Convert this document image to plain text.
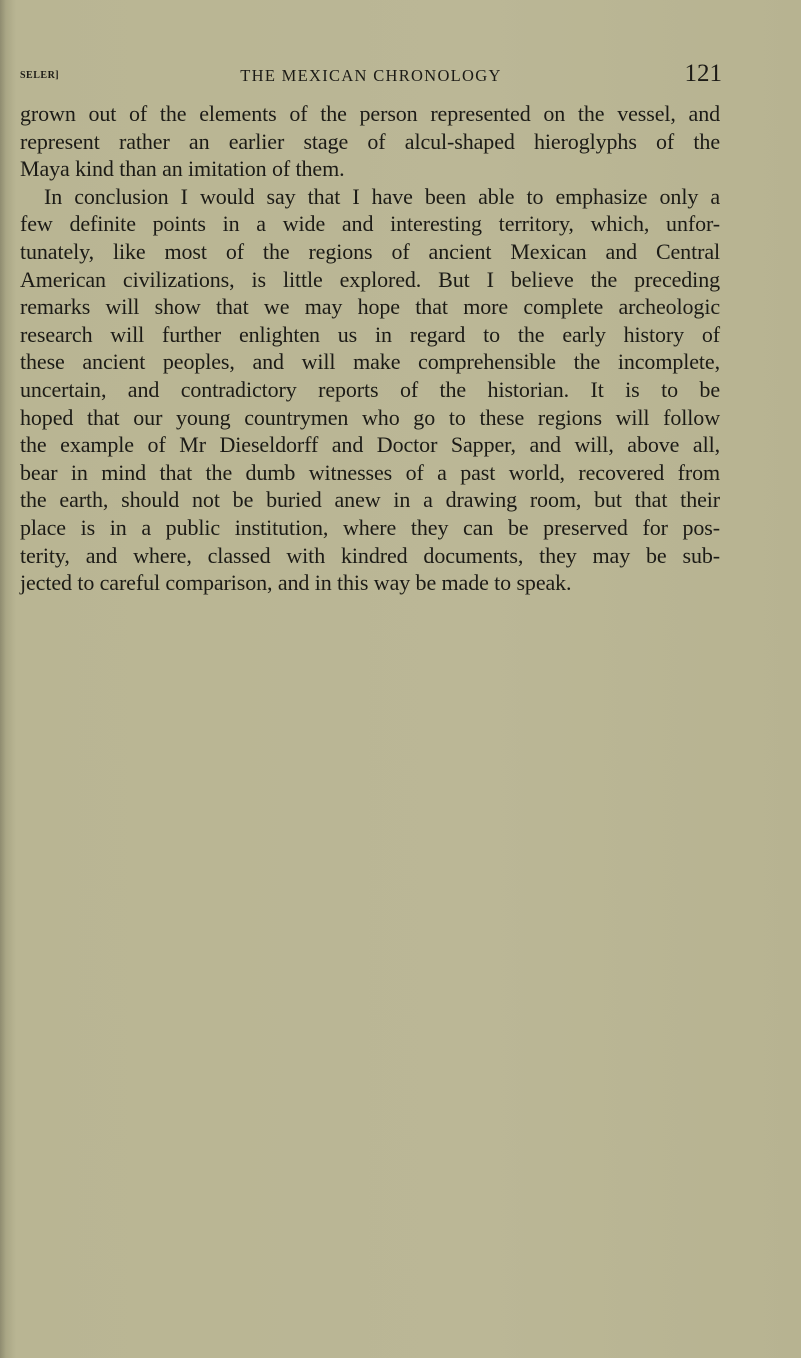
SELER]	THE MEXICAN CHRONOLOGY	121

grown out of the elements of the person represented on the vessel, and
represent rather an earlier stage of alcul-shaped hieroglyphs of the
Maya kind than an imitation of them.

In conclusion I would say that I have been able to emphasize only a
few definite points in a wide and interesting territory, which, unfor-
tunately, like most of the regions of ancient Mexican and Central
American civilizations, is little explored. But I believe the preceding
remarks will show that we may hope that more complete archeologic
research will further enlighten us in regard to the early history of
these ancient peoples, and will make comprehensible the incomplete,
uncertain, and contradictory reports of the historian. It is to be
hoped that our young countrymen who go to these regions will follow
the example of Mr Dieseldorff and Doctor Sapper, and will, above all,
bear in mind that the dumb witnesses of a past world, recovered from
the earth, should not be buried anew in a drawing room, but that their
place is in a public institution, where they can be preserved for pos-
terity, and where, classed with kindred documents, they may be sub-
jected to careful comparison, and in this way be made to speak.
